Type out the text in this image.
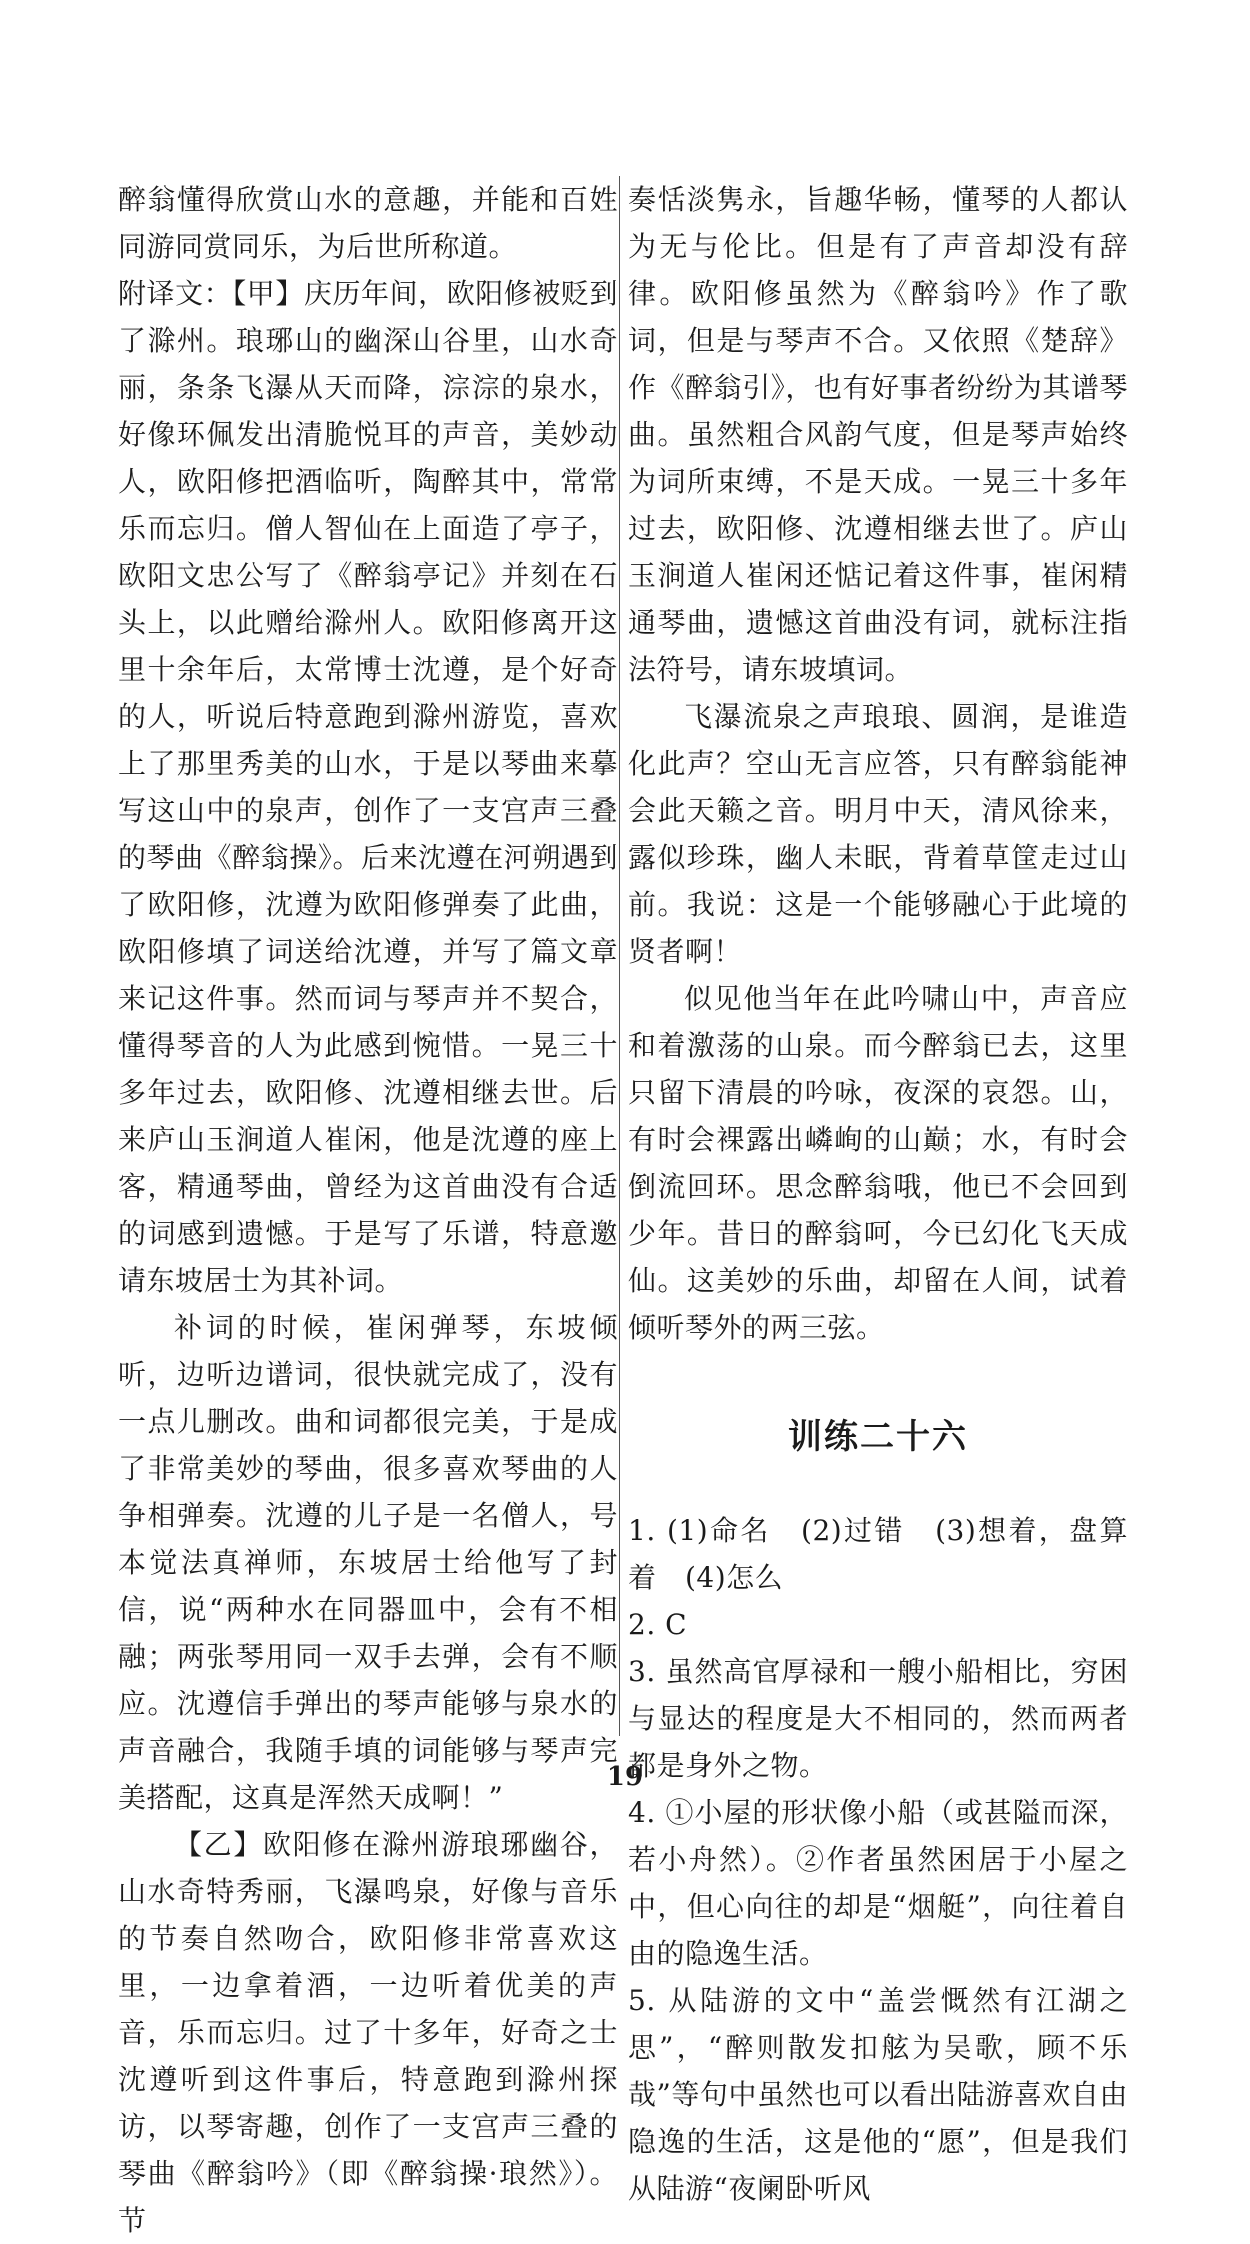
醉翁懂得欣赏山水的意趣，并能和百姓同游同赏同乐，为后世所称道。

附译文：【甲】庆历年间，欧阳修被贬到了滁州。琅琊山的幽深山谷里，山水奇丽，条条飞瀑从天而降，淙淙的泉水，好像环佩发出清脆悦耳的声音，美妙动人，欧阳修把酒临听，陶醉其中，常常乐而忘归。僧人智仙在上面造了亭子，欧阳文忠公写了《醉翁亭记》并刻在石头上，以此赠给滁州人。欧阳修离开这里十余年后，太常博士沈遵，是个好奇的人，听说后特意跑到滁州游览，喜欢上了那里秀美的山水，于是以琴曲来摹写这山中的泉声，创作了一支宫声三叠的琴曲《醉翁操》。后来沈遵在河朔遇到了欧阳修，沈遵为欧阳修弹奏了此曲，欧阳修填了词送给沈遵，并写了篇文章来记这件事。然而词与琴声并不契合，懂得琴音的人为此感到惋惜。一晃三十多年过去，欧阳修、沈遵相继去世。后来庐山玉涧道人崔闲，他是沈遵的座上客，精通琴曲，曾经为这首曲没有合适的词感到遗憾。于是写了乐谱，特意邀请东坡居士为其补词。

补词的时候，崔闲弹琴，东坡倾听，边听边谱词，很快就完成了，没有一点儿删改。曲和词都很完美，于是成了非常美妙的琴曲，很多喜欢琴曲的人争相弹奏。沈遵的儿子是一名僧人，号本觉法真禅师，东坡居士给他写了封信，说“两种水在同器皿中，会有不相融；两张琴用同一双手去弹，会有不顺应。沈遵信手弹出的琴声能够与泉水的声音融合，我随手填的词能够与琴声完美搭配，这真是浑然天成啊！”

【乙】欧阳修在滁州游琅琊幽谷，山水奇特秀丽，飞瀑鸣泉，好像与音乐的节奏自然吻合，欧阳修非常喜欢这里，一边拿着酒，一边听着优美的声音，乐而忘归。过了十多年，好奇之士沈遵听到这件事后，特意跑到滁州探访，以琴寄趣，创作了一支宫声三叠的琴曲《醉翁吟》（即《醉翁操·琅然》）。节

奏恬淡隽永，旨趣华畅，懂琴的人都认为无与伦比。但是有了声音却没有辞律。欧阳修虽然为《醉翁吟》作了歌词，但是与琴声不合。又依照《楚辞》作《醉翁引》，也有好事者纷纷为其谱琴曲。虽然粗合风韵气度，但是琴声始终为词所束缚，不是天成。一晃三十多年过去，欧阳修、沈遵相继去世了。庐山玉涧道人崔闲还惦记着这件事，崔闲精通琴曲，遗憾这首曲没有词，就标注指法符号，请东坡填词。

飞瀑流泉之声琅琅、圆润，是谁造化此声？空山无言应答，只有醉翁能神会此天籁之音。明月中天，清风徐来，露似珍珠，幽人未眠，背着草筐走过山前。我说：这是一个能够融心于此境的贤者啊！

似见他当年在此吟啸山中，声音应和着激荡的山泉。而今醉翁已去，这里只留下清晨的吟咏，夜深的哀怨。山，有时会裸露出嶙峋的山巅；水，有时会倒流回环。思念醉翁哦，他已不会回到少年。昔日的醉翁呵，今已幻化飞天成仙。这美妙的乐曲，却留在人间，试着倾听琴外的两三弦。

训练二十六

1. (1)命名　(2)过错　(3)想着，盘算着　(4)怎么

2. C

3. 虽然高官厚禄和一艘小船相比，穷困与显达的程度是大不相同的，然而两者都是身外之物。

4. ①小屋的形状像小船（或甚隘而深，若小舟然）。②作者虽然困居于小屋之中，但心向往的却是“烟艇”，向往着自由的隐逸生活。

5. 从陆游的文中“盖尝慨然有江湖之思”，“醉则散发扣舷为吴歌，顾不乐哉”等句中虽然也可以看出陆游喜欢自由隐逸的生活，这是他的“愿”，但是我们从陆游“夜阑卧听风

19
